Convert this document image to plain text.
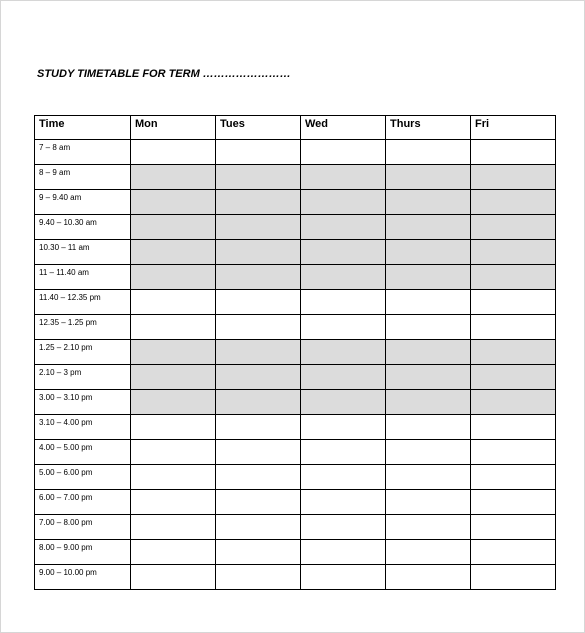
STUDY TIMETABLE FOR TERM ……………………
Time	Mon	Tues	Wed	Thurs	Fri
7 – 8 am					
8 – 9 am					
9 – 9.40 am					
9.40 – 10.30 am					
10.30 – 11 am					
11 – 11.40 am					
11.40 – 12.35 pm					
12.35 – 1.25 pm					
1.25 – 2.10 pm					
2.10 – 3 pm					
3.00 – 3.10 pm					
3.10 – 4.00 pm					
4.00 – 5.00 pm					
5.00 – 6.00 pm					
6.00 – 7.00 pm					
7.00 – 8.00 pm					
8.00 – 9.00 pm					
9.00 – 10.00 pm					
